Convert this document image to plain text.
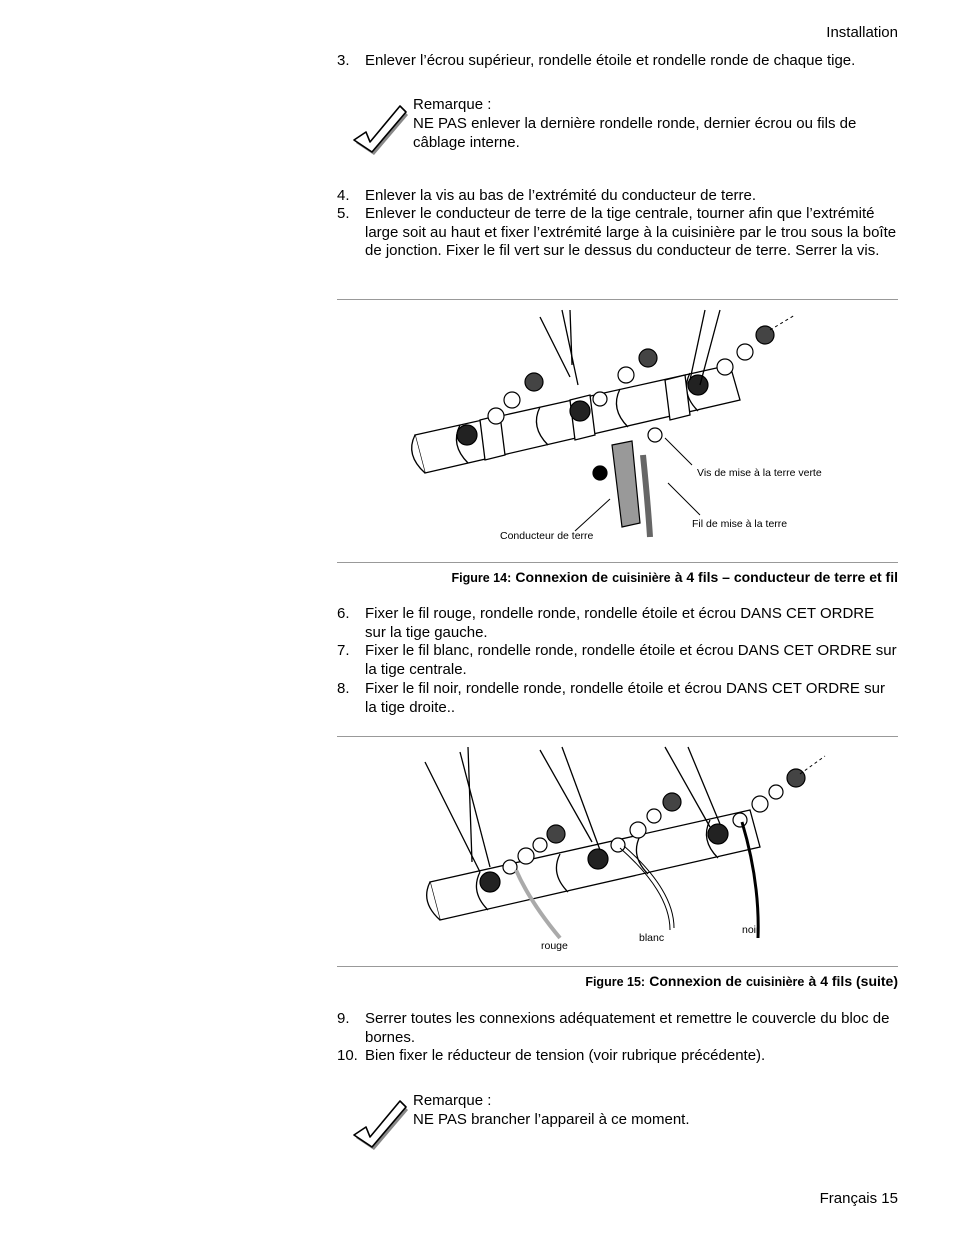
Installation
3.	Enlever l’écrou supérieur, rondelle étoile et rondelle ronde de chaque tige.
Remarque :
NE PAS enlever la dernière rondelle ronde, dernier écrou ou fils de câblage interne.
4.	Enlever la vis au bas de l’extrémité du conducteur de terre.
5.	Enlever le conducteur de terre de la tige centrale, tourner afin que l’extrémité large soit au haut et fixer l’extrémité large à la cuisinière par le trou sous la boîte de jonction. Fixer le fil vert sur le dessus du conducteur de terre. Serrer la vis.
Vis de mise à la terre verte
Fil de mise à la terre
Conducteur de terre
Figure 14: Connexion de cuisinière à 4 fils – conducteur de terre et fil
6.	Fixer le fil rouge, rondelle ronde, rondelle étoile et écrou DANS CET ORDRE sur la tige gauche.
7.	Fixer le fil blanc, rondelle ronde, rondelle étoile et écrou DANS CET ORDRE sur la tige centrale.
8.	Fixer le fil noir, rondelle ronde, rondelle étoile et écrou DANS CET ORDRE sur la tige droite..
rouge
blanc
noir
Figure 15: Connexion de cuisinière à 4 fils (suite)
9.	Serrer toutes les connexions adéquatement et remettre le couvercle du bloc de bornes.
10. Bien fixer le réducteur de tension (voir rubrique précédente).
Remarque :
NE PAS brancher l’appareil à ce moment.
Français 15
